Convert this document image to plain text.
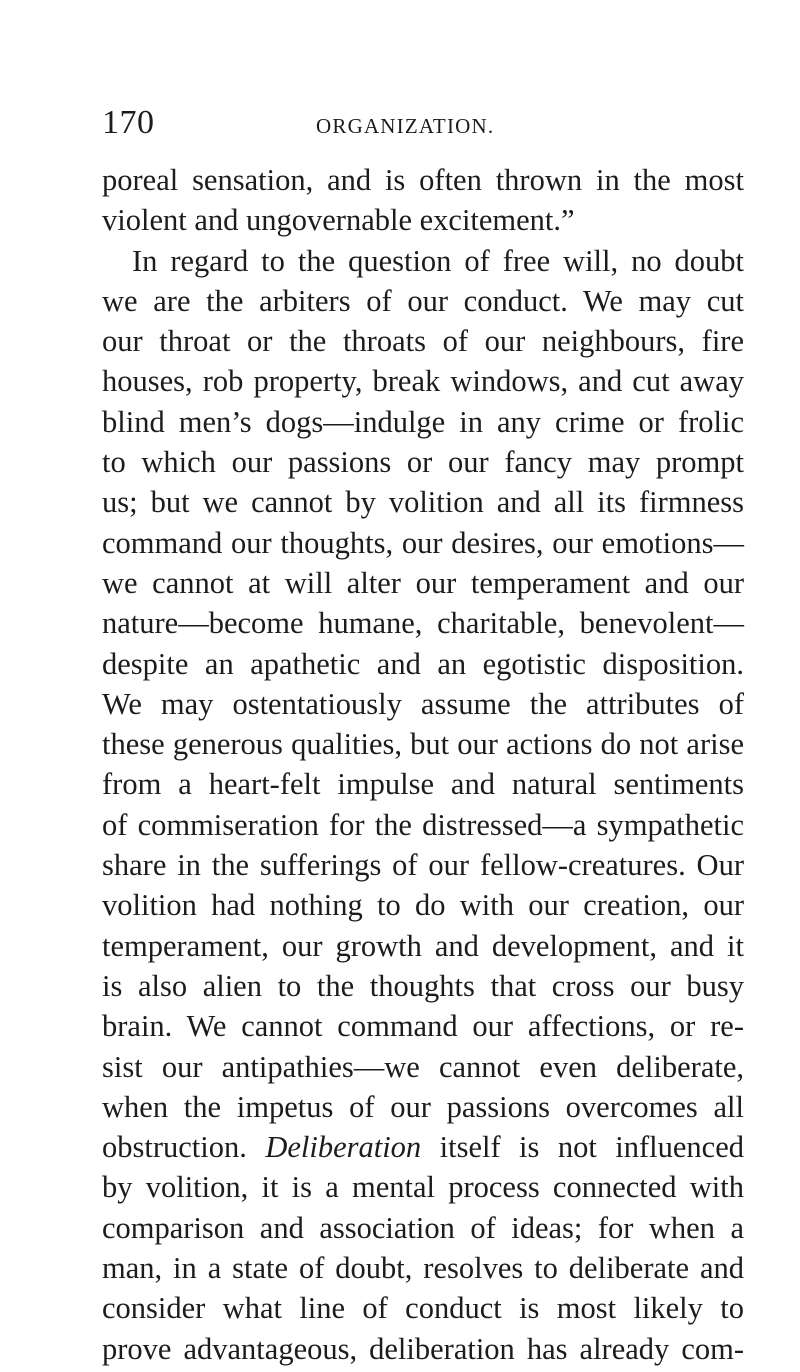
170	ORGANIZATION.
poreal sensation, and is often thrown in the most
violent and ungovernable excitement.”
In regard to the question of free will, no doubt
we are the arbiters of our conduct. We may cut
our throat or the throats of our neighbours, fire
houses, rob property, break windows, and cut away
blind men’s dogs—indulge in any crime or frolic
to which our passions or our fancy may prompt
us; but we cannot by volition and all its firmness
command our thoughts, our desires, our emotions—
we cannot at will alter our temperament and our
nature—become humane, charitable, benevolent—
despite an apathetic and an egotistic disposition.
We may ostentatiously assume the attributes of
these generous qualities, but our actions do not arise
from a heart-felt impulse and natural sentiments
of commiseration for the distressed—a sympathetic
share in the sufferings of our fellow-creatures. Our
volition had nothing to do with our creation, our
temperament, our growth and development, and it
is also alien to the thoughts that cross our busy
brain. We cannot command our affections, or re-
sist our antipathies—we cannot even deliberate,
when the impetus of our passions overcomes all
obstruction. Deliberation itself is not influenced
by volition, it is a mental process connected with
comparison and association of ideas; for when a
man, in a state of doubt, resolves to deliberate and
consider what line of conduct is most likely to
prove advantageous, deliberation has already com-
